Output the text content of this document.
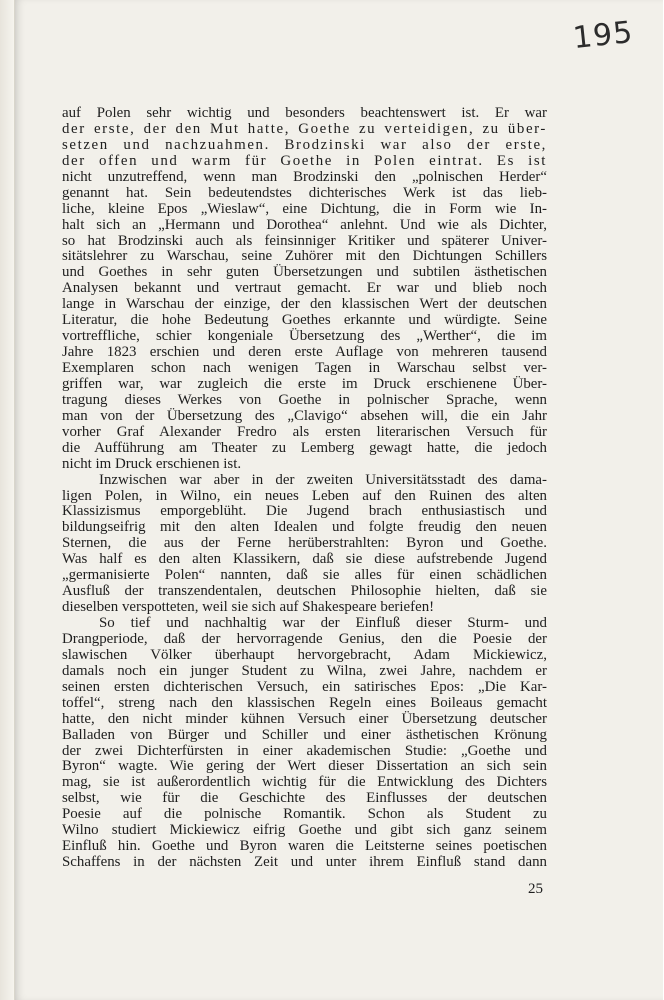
195
auf Polen sehr wichtig und besonders beachtenswert ist. Er war
der erste, der den Mut hatte, Goethe zu verteidigen, zu über-
setzen und nachzuahmen. Brodzinski war also der erste,
der offen und warm für Goethe in Polen eintrat. Es ist
nicht unzutreffend, wenn man Brodzinski den „polnischen Herder“
genannt hat. Sein bedeutendstes dichterisches Werk ist das lieb-
liche, kleine Epos „Wieslaw“, eine Dichtung, die in Form wie In-
halt sich an „Hermann und Dorothea“ anlehnt. Und wie als Dichter,
so hat Brodzinski auch als feinsinniger Kritiker und späterer Univer-
sitätslehrer zu Warschau, seine Zuhörer mit den Dichtungen Schillers
und Goethes in sehr guten Übersetzungen und subtilen ästhetischen
Analysen bekannt und vertraut gemacht. Er war und blieb noch
lange in Warschau der einzige, der den klassischen Wert der deutschen
Literatur, die hohe Bedeutung Goethes erkannte und würdigte. Seine
vortreffliche, schier kongeniale Übersetzung des „Werther“, die im
Jahre 1823 erschien und deren erste Auflage von mehreren tausend
Exemplaren schon nach wenigen Tagen in Warschau selbst ver-
griffen war, war zugleich die erste im Druck erschienene Über-
tragung dieses Werkes von Goethe in polnischer Sprache, wenn
man von der Übersetzung des „Clavigo“ absehen will, die ein Jahr
vorher Graf Alexander Fredro als ersten literarischen Versuch für
die Aufführung am Theater zu Lemberg gewagt hatte, die jedoch
nicht im Druck erschienen ist.
Inzwischen war aber in der zweiten Universitätsstadt des dama-
ligen Polen, in Wilno, ein neues Leben auf den Ruinen des alten
Klassizismus emporgeblüht. Die Jugend brach enthusiastisch und
bildungseifrig mit den alten Idealen und folgte freudig den neuen
Sternen, die aus der Ferne herüberstrahlten: Byron und Goethe.
Was half es den alten Klassikern, daß sie diese aufstrebende Jugend
„germanisierte Polen“ nannten, daß sie alles für einen schädlichen
Ausfluß der transzendentalen, deutschen Philosophie hielten, daß sie
dieselben verspotteten, weil sie sich auf Shakespeare beriefen!
So tief und nachhaltig war der Einfluß dieser Sturm- und
Drangperiode, daß der hervorragende Genius, den die Poesie der
slawischen Völker überhaupt hervorgebracht, Adam Mickiewicz,
damals noch ein junger Student zu Wilna, zwei Jahre, nachdem er
seinen ersten dichterischen Versuch, ein satirisches Epos: „Die Kar-
toffel“, streng nach den klassischen Regeln eines Boileaus gemacht
hatte, den nicht minder kühnen Versuch einer Übersetzung deutscher
Balladen von Bürger und Schiller und einer ästhetischen Krönung
der zwei Dichterfürsten in einer akademischen Studie: „Goethe und
Byron“ wagte. Wie gering der Wert dieser Dissertation an sich sein
mag, sie ist außerordentlich wichtig für die Entwicklung des Dichters
selbst, wie für die Geschichte des Einflusses der deutschen
Poesie auf die polnische Romantik. Schon als Student zu
Wilno studiert Mickiewicz eifrig Goethe und gibt sich ganz seinem
Einfluß hin. Goethe und Byron waren die Leitsterne seines poetischen
Schaffens in der nächsten Zeit und unter ihrem Einfluß stand dann
25
